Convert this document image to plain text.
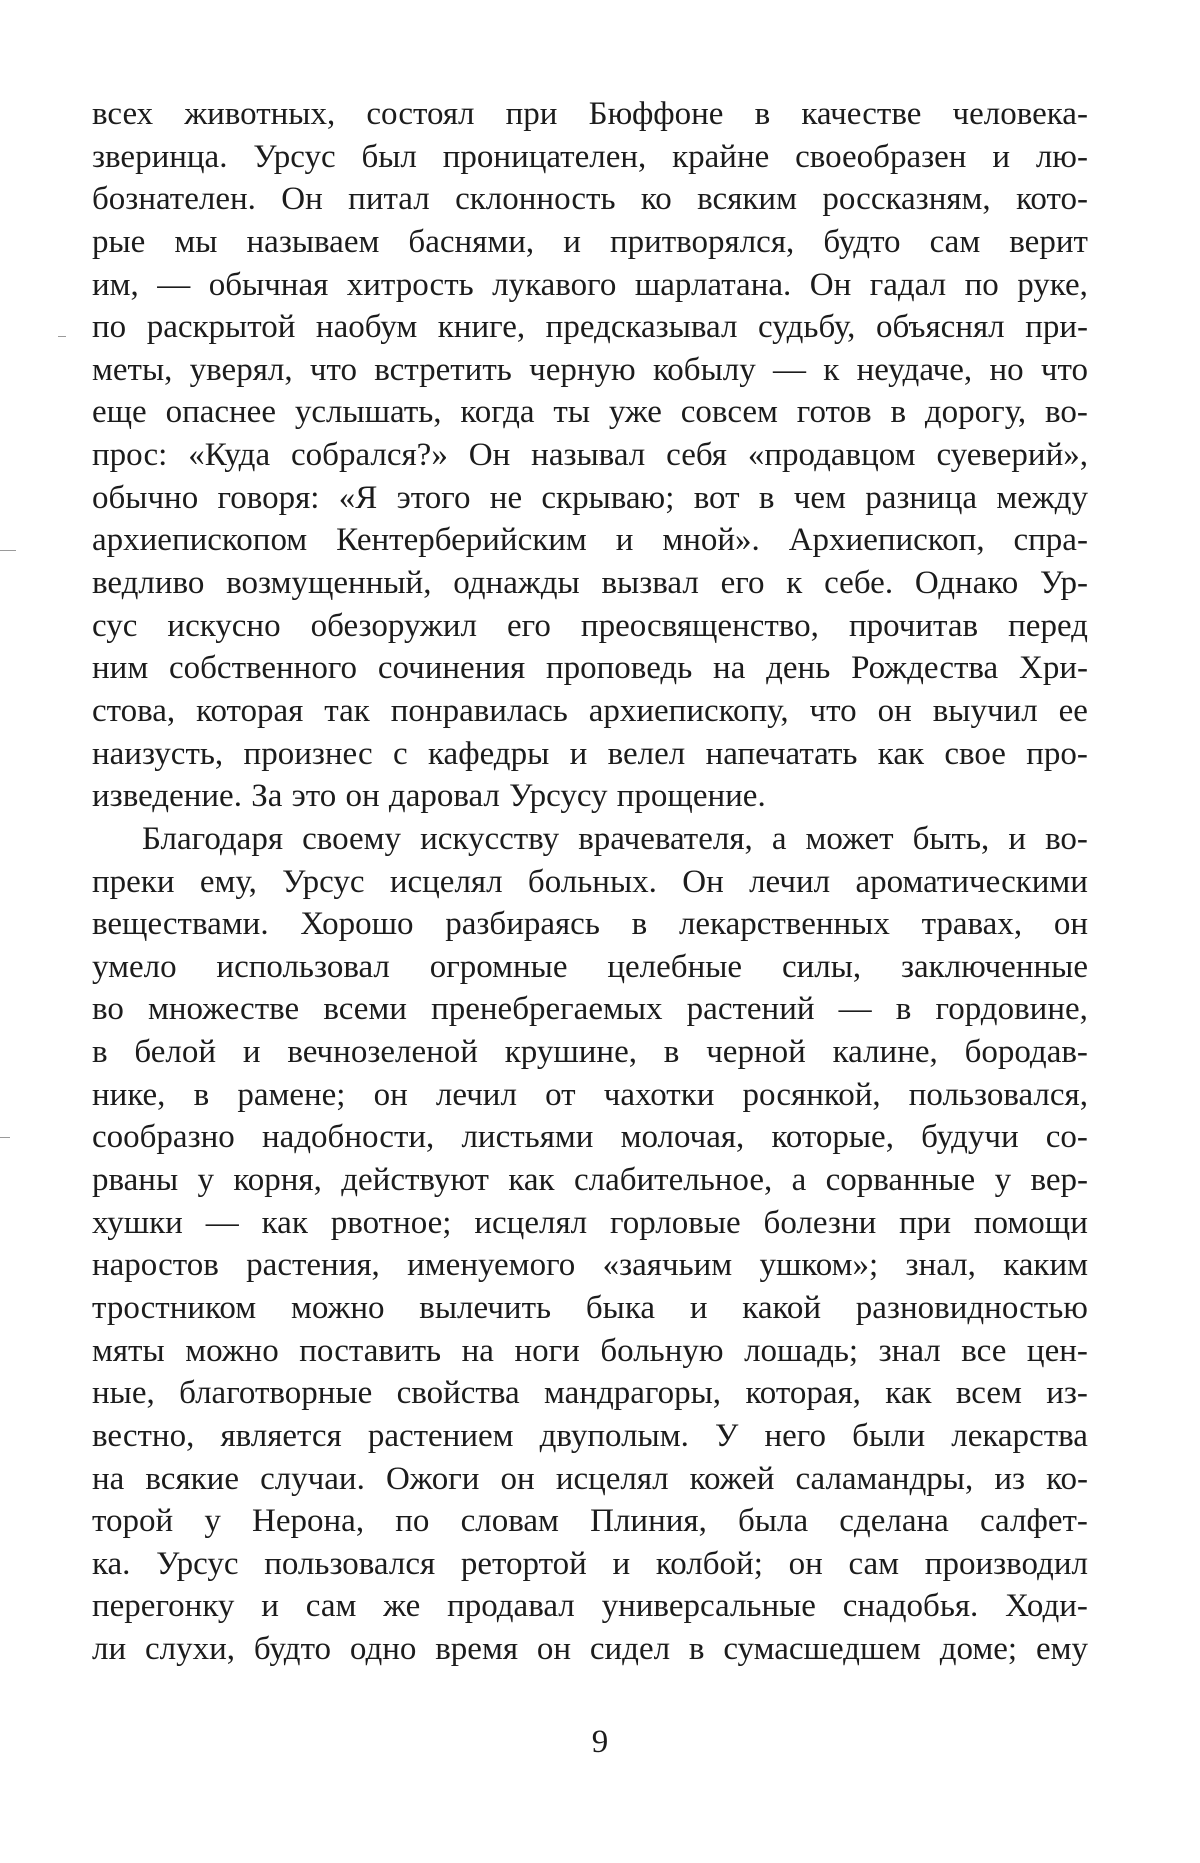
всех животных, состоял при Бюффоне в качестве человека-
зверинца. Урсус был проницателен, крайне своеобразен и лю-
бознателен. Он питал склонность ко всяким россказням, кото-
рые мы называем баснями, и притворялся, будто сам верит
им, — обычная хитрость лукавого шарлатана. Он гадал по руке,
по раскрытой наобум книге, предсказывал судьбу, объяснял при-
меты, уверял, что встретить черную кобылу — к неудаче, но что
еще опаснее услышать, когда ты уже совсем готов в дорогу, во-
прос: «Куда собрался?» Он называл себя «продавцом суеверий»,
обычно говоря: «Я этого не скрываю; вот в чем разница между
архиепископом Кентерберийским и мной». Архиепископ, спра-
ведливо возмущенный, однажды вызвал его к себе. Однако Ур-
сус искусно обезоружил его преосвященство, прочитав перед
ним собственного сочинения проповедь на день Рождества Хри-
стова, которая так понравилась архиепископу, что он выучил ее
наизусть, произнес с кафедры и велел напечатать как свое про-
изведение. За это он даровал Урсусу прощение.
Благодаря своему искусству врачевателя, а может быть, и во-
преки ему, Урсус исцелял больных. Он лечил ароматическими
веществами. Хорошо разбираясь в лекарственных травах, он
умело использовал огромные целебные силы, заключенные
во множестве всеми пренебрегаемых растений — в гордовине,
в белой и вечнозеленой крушине, в черной калине, бородав-
нике, в рамене; он лечил от чахотки росянкой, пользовался,
сообразно надобности, листьями молочая, которые, будучи со-
рваны у корня, действуют как слабительное, а сорванные у вер-
хушки — как рвотное; исцелял горловые болезни при помощи
наростов растения, именуемого «заячьим ушком»; знал, каким
тростником можно вылечить быка и какой разновидностью
мяты можно поставить на ноги больную лошадь; знал все цен-
ные, благотворные свойства мандрагоры, которая, как всем из-
вестно, является растением двуполым. У него были лекарства
на всякие случаи. Ожоги он исцелял кожей саламандры, из ко-
торой у Нерона, по словам Плиния, была сделана салфет-
ка. Урсус пользовался ретортой и колбой; он сам производил
перегонку и сам же продавал универсальные снадобья. Ходи-
ли слухи, будто одно время он сидел в сумасшедшем доме; ему
9
